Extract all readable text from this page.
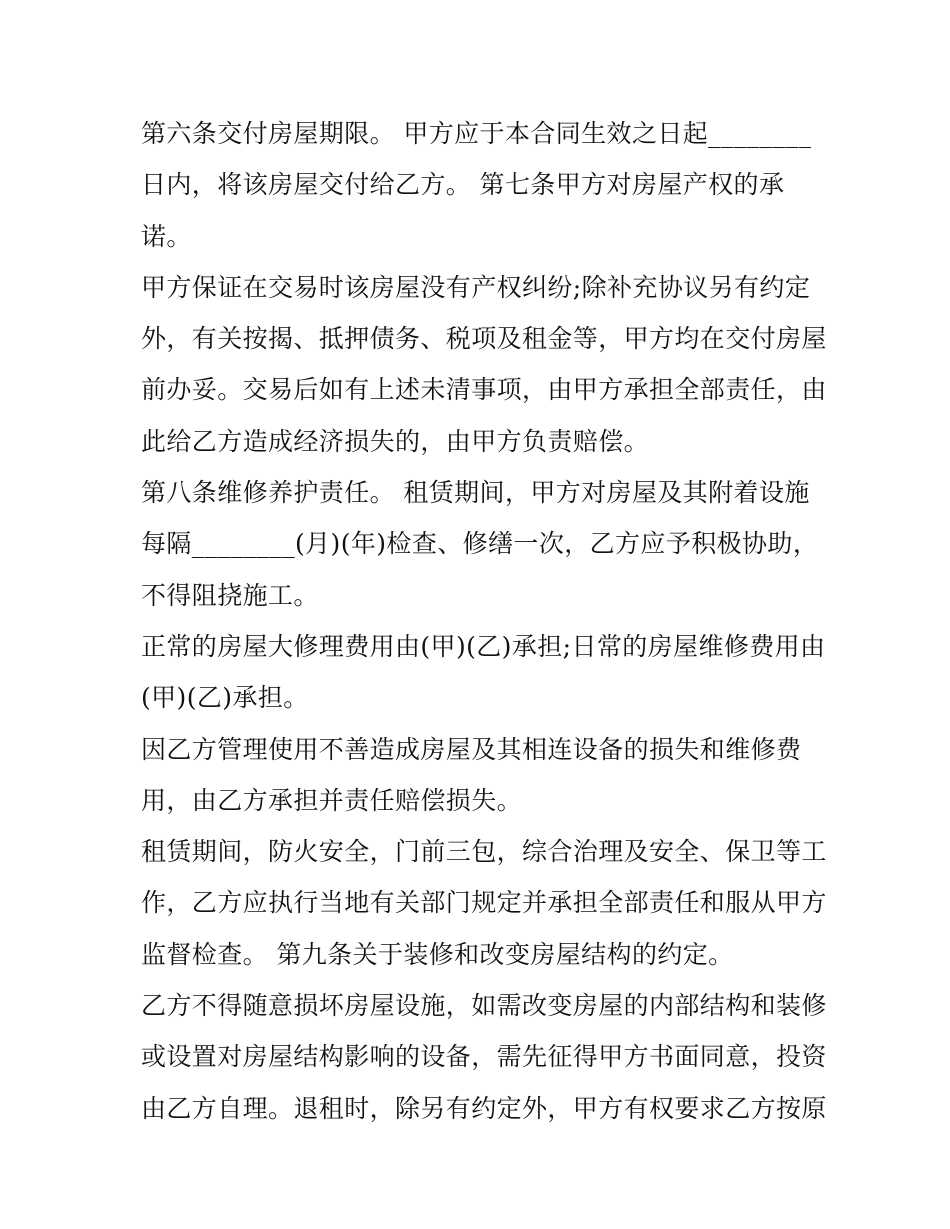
第六条交付房屋期限。 甲方应于本合同生效之日起________
日内，将该房屋交付给乙方。 第七条甲方对房屋产权的承
诺。
甲方保证在交易时该房屋没有产权纠纷;除补充协议另有约定
外，有关按揭、抵押债务、税项及租金等，甲方均在交付房屋
前办妥。交易后如有上述未清事项，由甲方承担全部责任，由
此给乙方造成经济损失的，由甲方负责赔偿。
第八条维修养护责任。 租赁期间，甲方对房屋及其附着设施
每隔________(月)(年)检查、修缮一次，乙方应予积极协助，
不得阻挠施工。
正常的房屋大修理费用由(甲)(乙)承担;日常的房屋维修费用由
(甲)(乙)承担。
因乙方管理使用不善造成房屋及其相连设备的损失和维修费
用，由乙方承担并责任赔偿损失。
租赁期间，防火安全，门前三包，综合治理及安全、保卫等工
作，乙方应执行当地有关部门规定并承担全部责任和服从甲方
监督检查。 第九条关于装修和改变房屋结构的约定。
乙方不得随意损坏房屋设施，如需改变房屋的内部结构和装修
或设置对房屋结构影响的设备，需先征得甲方书面同意，投资
由乙方自理。退租时，除另有约定外，甲方有权要求乙方按原
